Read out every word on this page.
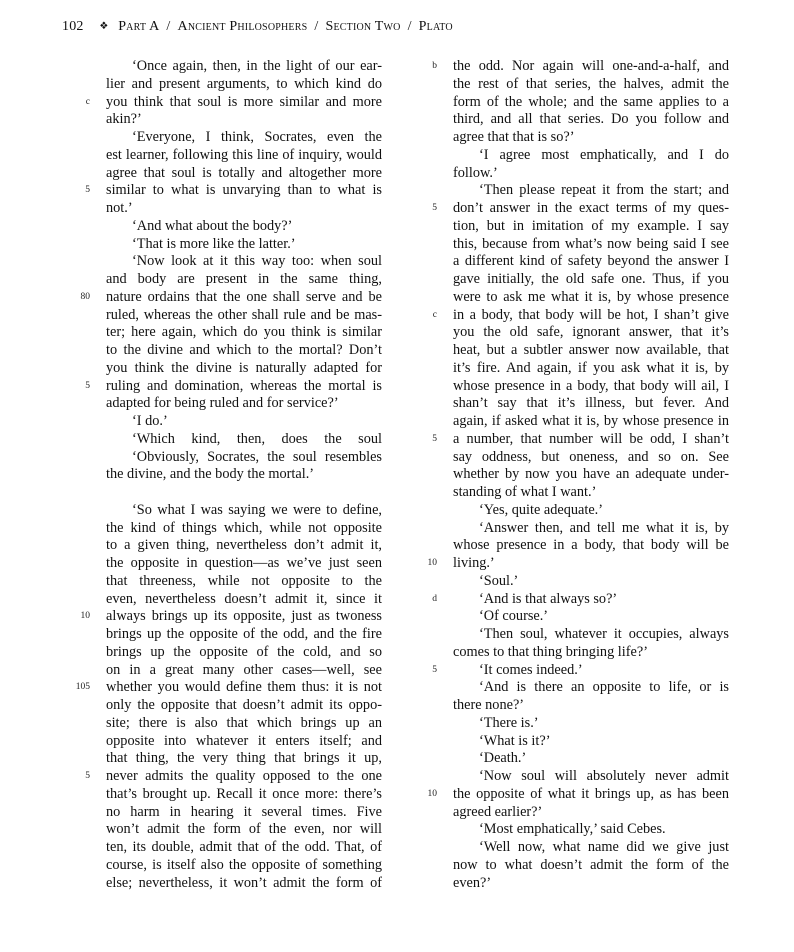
102 ❖ Part A / Ancient Philosophers / Section Two / Plato
‘Once again, then, in the light of our ear-
lier and present arguments, to which kind do
you think that soul is more similar and more
c
akin?’
‘Everyone, I think, Socrates, even the
est learner, following this line of inquiry, would
agree that soul is totally and altogether more
similar to what is unvarying than to what is
5
not.’
‘And what about the body?’
‘That is more like the latter.’
‘Now look at it this way too: when soul
and body are present in the same thing,
nature ordains that the one shall serve and be
80
ruled, whereas the other shall rule and be mas-
ter; here again, which do you think is similar
to the divine and which to the mortal? Don’t
you think the divine is naturally adapted for
ruling and domination, whereas the mortal is
5
adapted for being ruled and for service?’
‘I do.’
‘Which kind, then, does the soul
‘Obviously, Socrates, the soul resembles
the divine, and the body the mortal.’
‘So what I was saying we were to define,
the kind of things which, while not opposite
to a given thing, nevertheless don’t admit it,
the opposite in question—as we’ve just seen
that threeness, while not opposite to the
even, nevertheless doesn’t admit it, since it
always brings up its opposite, just as twoness
10
brings up the opposite of the odd, and the fire
brings up the opposite of the cold, and so
on in a great many other cases—well, see
whether you would define them thus: it is not
105
only the opposite that doesn’t admit its oppo-
site; there is also that which brings up an
opposite into whatever it enters itself; and
that thing, the very thing that brings it up,
never admits the quality opposed to the one
5
that’s brought up. Recall it once more: there’s
no harm in hearing it several times. Five
won’t admit the form of the even, nor will
ten, its double, admit that of the odd. That, of
course, is itself also the opposite of something
else; nevertheless, it won’t admit the form of
the odd. Nor again will one-and-a-half, and
b
the rest of that series, the halves, admit the
form of the whole; and the same applies to a
third, and all that series. Do you follow and
agree that that is so?’
‘I agree most emphatically, and I do
follow.’
‘Then please repeat it from the start; and
don’t answer in the exact terms of my ques-
5
tion, but in imitation of my example. I say
this, because from what’s now being said I see
a different kind of safety beyond the answer I
gave initially, the old safe one. Thus, if you
were to ask me what it is, by whose presence
in a body, that body will be hot, I shan’t give
c
you the old safe, ignorant answer, that it’s
heat, but a subtler answer now available, that
it’s fire. And again, if you ask what it is, by
whose presence in a body, that body will ail, I
shan’t say that it’s illness, but fever. And
again, if asked what it is, by whose presence in
a number, that number will be odd, I shan’t
5
say oddness, but oneness, and so on. See
whether by now you have an adequate under-
standing of what I want.’
‘Yes, quite adequate.’
‘Answer then, and tell me what it is, by
whose presence in a body, that body will be
living.’
10
‘Soul.’
‘And is that always so?’
d
‘Of course.’
‘Then soul, whatever it occupies, always
comes to that thing bringing life?’
‘It comes indeed.’
5
‘And is there an opposite to life, or is
there none?’
‘There is.’
‘What is it?’
‘Death.’
‘Now soul will absolutely never admit
the opposite of what it brings up, as has been
10
agreed earlier?’
‘Most emphatically,’ said Cebes.
‘Well now, what name did we give just
now to what doesn’t admit the form of the
even?’
